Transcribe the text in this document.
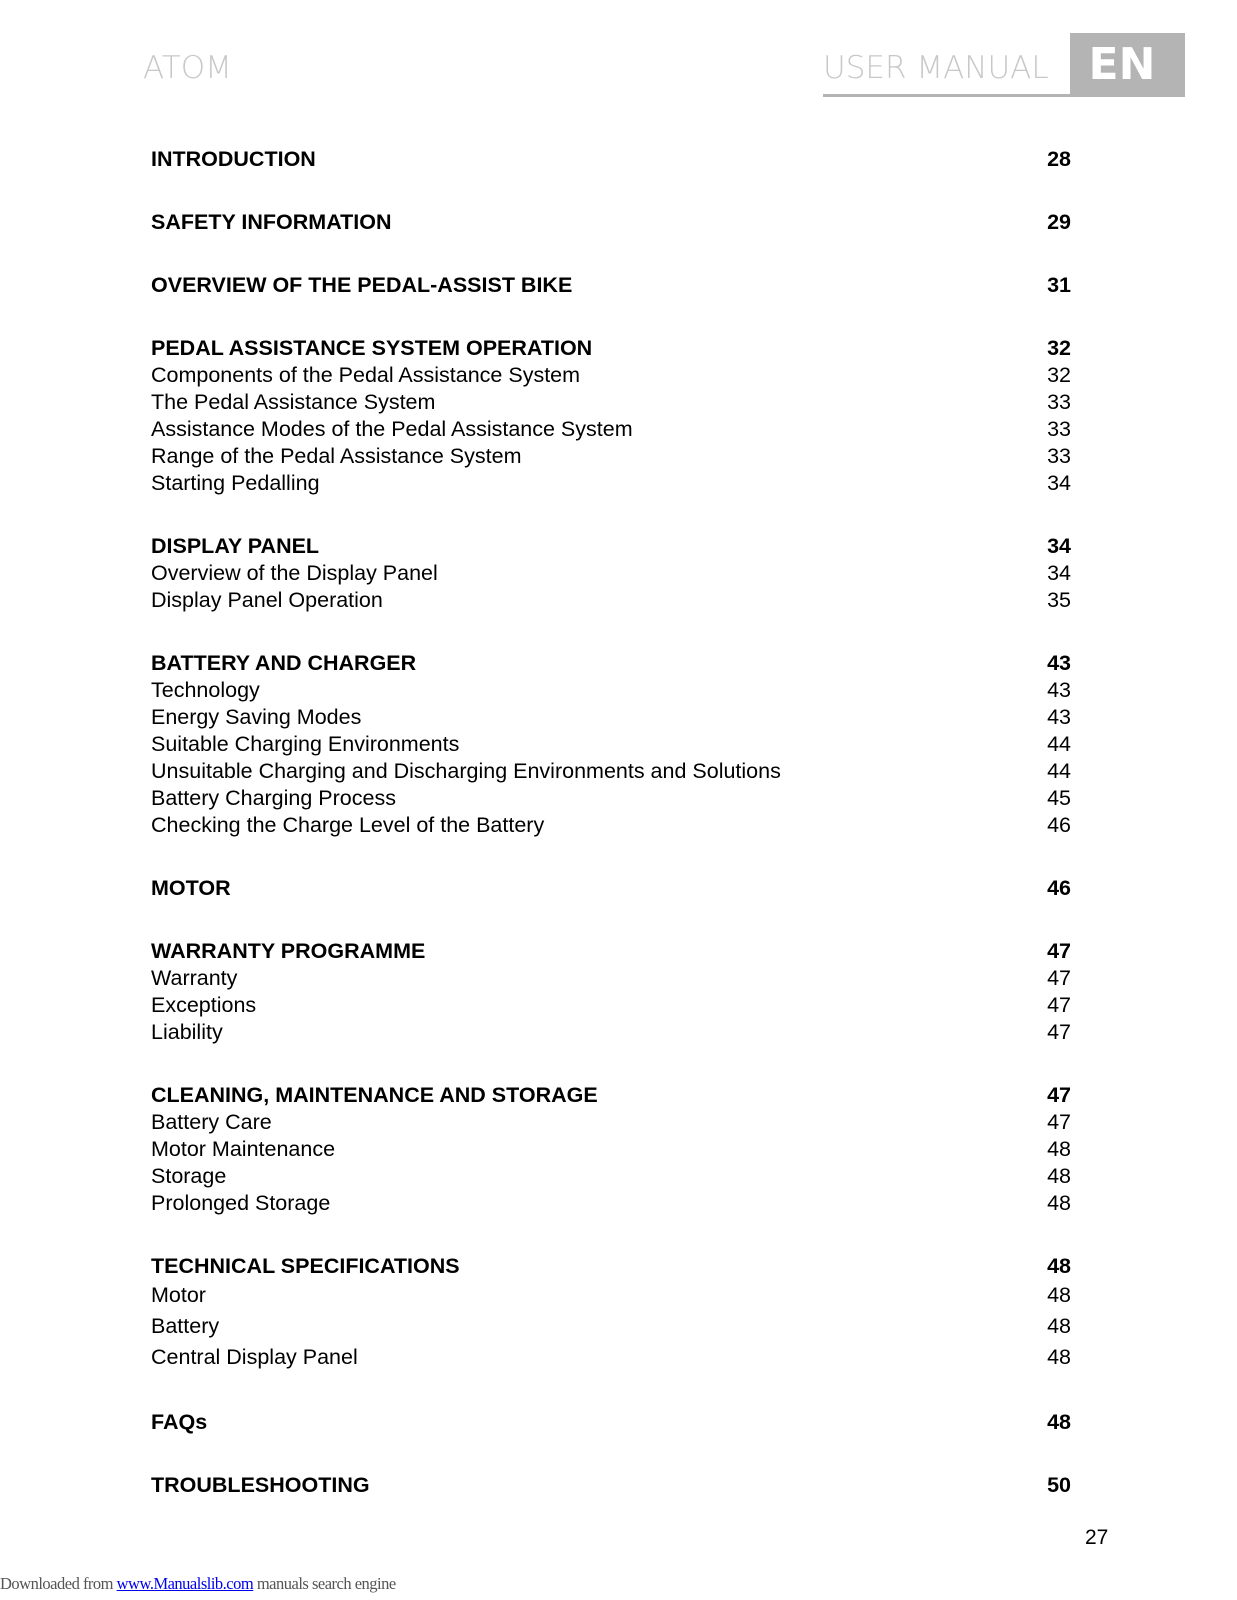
ATOM	USER MANUAL EN
INTRODUCTION	28
SAFETY INFORMATION	29
OVERVIEW OF THE PEDAL-ASSIST BIKE	31
PEDAL ASSISTANCE SYSTEM OPERATION	32
Components of the Pedal Assistance System	32
The Pedal Assistance System	33
Assistance Modes of the Pedal Assistance System	33
Range of the Pedal Assistance System	33
Starting Pedalling	34
DISPLAY PANEL	34
Overview of the Display Panel	34
Display Panel Operation	35
BATTERY AND CHARGER	43
Technology	43
Energy Saving Modes	43
Suitable Charging Environments	44
Unsuitable Charging and Discharging Environments and Solutions	44
Battery Charging Process	45
Checking the Charge Level of the Battery	46
MOTOR	46
WARRANTY PROGRAMME	47
Warranty	47
Exceptions	47
Liability	47
CLEANING, MAINTENANCE AND STORAGE	47
Battery Care	47
Motor Maintenance	48
Storage	48
Prolonged Storage	48
TECHNICAL SPECIFICATIONS	48
Motor	48
Battery	48
Central Display Panel	48
FAQs	48
TROUBLESHOOTING	50
27
Downloaded from www.Manualslib.com manuals search engine
